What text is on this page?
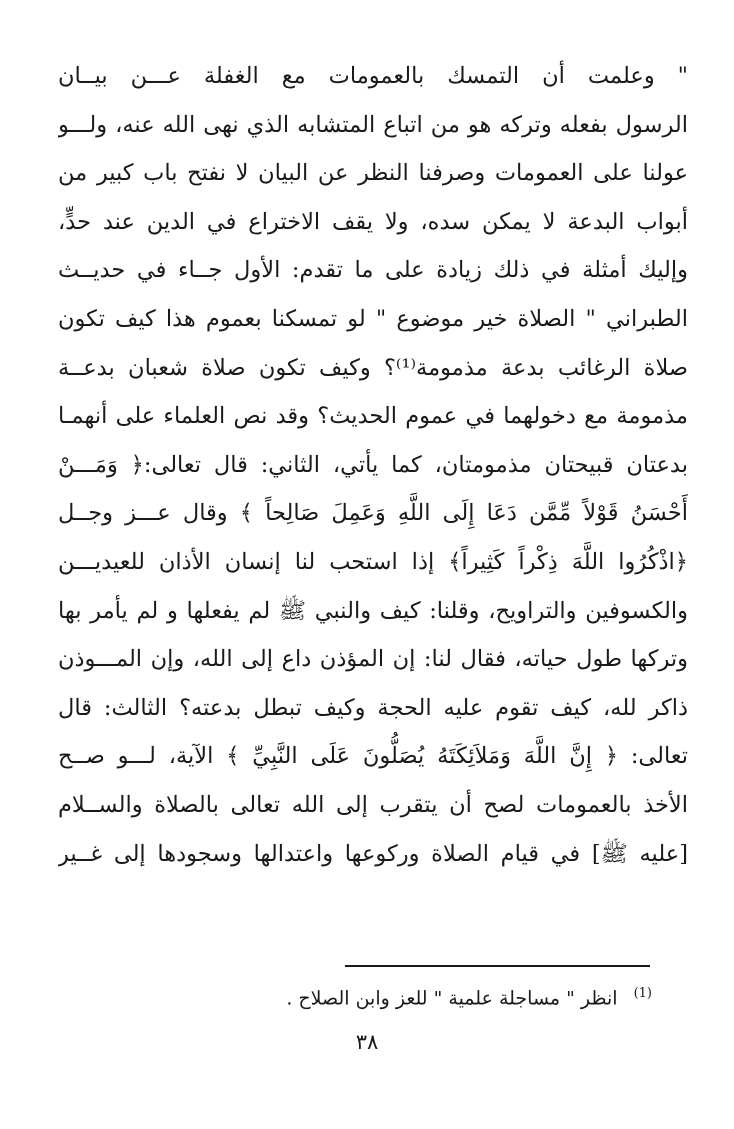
" وعلمت أن التمسك بالعمومات مع الغفلة عـــن بيــان
الرسول بفعله وتركه هو من اتباع المتشابه الذي نهى الله عنه، ولـــو
عولنا على العمومات وصرفنا النظر عن البيان لا نفتح باب كبير من
أبواب البدعة لا يمكن سده، ولا يقف الاختراع في الدين عند حدٍّ،
وإليك أمثلة في ذلك زيادة على ما تقدم: الأول جــاء في حديــث
الطبراني " الصلاة خير موضوع " لو تمسكنا بعموم هذا كيف تكون
صلاة الرغائب بدعة مذمومة⁽¹⁾؟ وكيف تكون صلاة شعبان بدعــة
مذمومة مع دخولهما في عموم الحديث؟ وقد نص العلماء على أنهمـا
بدعتان قبيحتان مذمومتان، كما يأتي، الثاني: قال تعالى:﴿ وَمَـــنْ
أَحْسَنُ قَوْلاً مِّمَّن دَعَا إِلَى اللَّهِ وَعَمِلَ صَالِحاً ﴾ وقال عـــز وجــل
﴿اذْكُرُوا اللَّهَ ذِكْراً كَثِيراً﴾ إذا استحب لنا إنسان الأذان للعيديـــن
والكسوفين والتراويح، وقلنا: كيف والنبي ﷺ لم يفعلها و لم يأمر بها
وتركها طول حياته، فقال لنا: إن المؤذن داع إلى الله، وإن المـــوذن
ذاكر لله، كيف تقوم عليه الحجة وكيف تبطل بدعته؟ الثالث: قال
تعالى: ﴿ إِنَّ اللَّهَ وَمَلاَئِكَتَهُ يُصَلُّونَ عَلَى النَّبِيِّ ﴾ الآية، لـــو صــح
الأخذ بالعمومات لصح أن يتقرب إلى الله تعالى بالصلاة والســلام
[عليه ﷺ] في قيام الصلاة وركوعها واعتدالها وسجودها إلى غــير
$^{(1)}$انظر " مساجلة علمية " للعز وابن الصلاح .
٣٨
